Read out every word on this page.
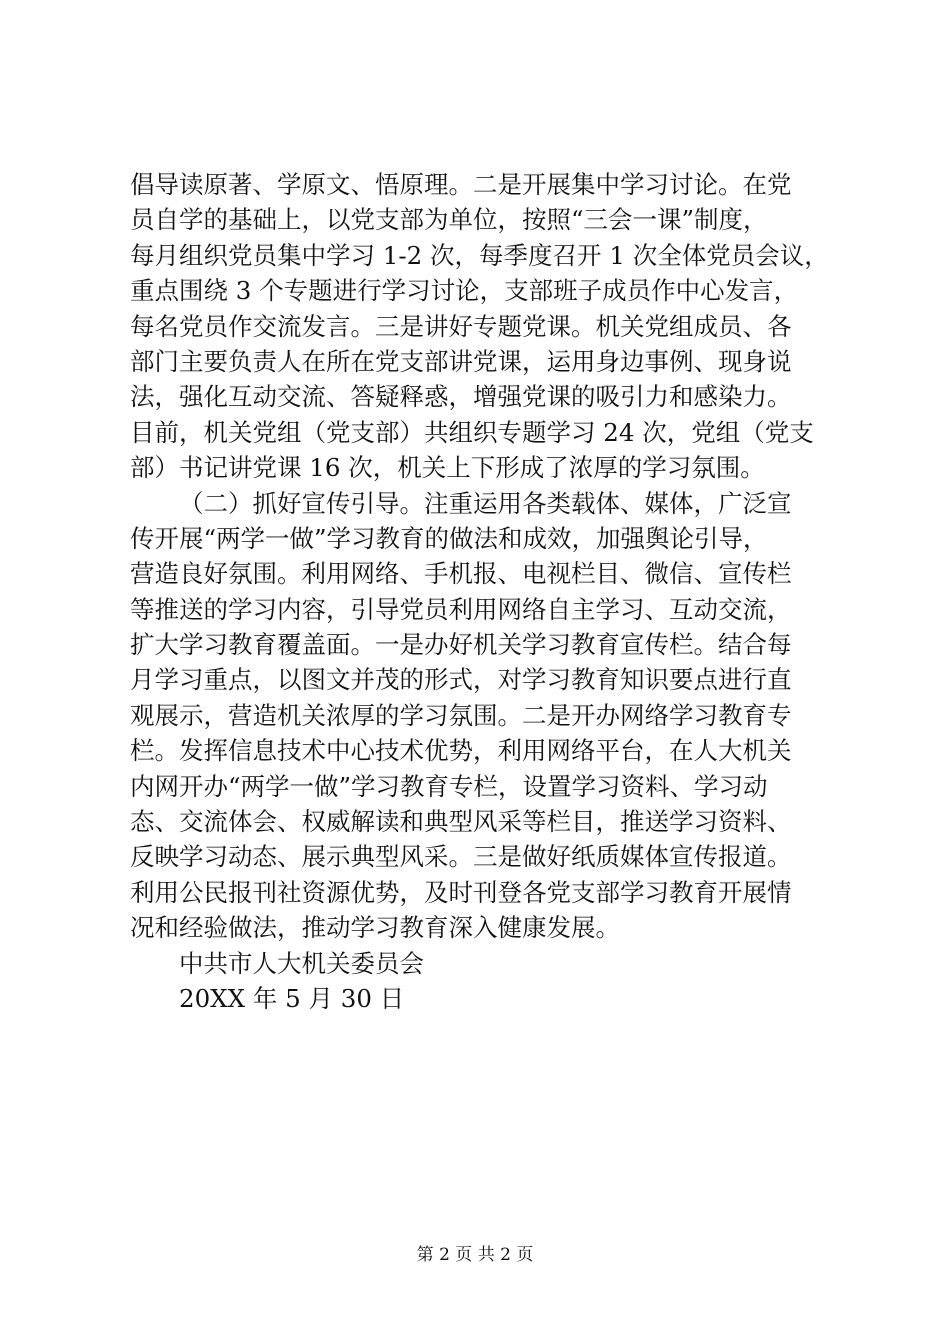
倡导读原著、学原文、悟原理。二是开展集中学习讨论。在党
员自学的基础上，以党支部为单位，按照“三会一课”制度，
每月组织党员集中学习 1-2 次，每季度召开 1 次全体党员会议，
重点围绕 3 个专题进行学习讨论，支部班子成员作中心发言，
每名党员作交流发言。三是讲好专题党课。机关党组成员、各
部门主要负责人在所在党支部讲党课，运用身边事例、现身说
法，强化互动交流、答疑释惑，增强党课的吸引力和感染力。
目前，机关党组（党支部）共组织专题学习 24 次，党组（党支
部）书记讲党课 16 次，机关上下形成了浓厚的学习氛围。
（二）抓好宣传引导。注重运用各类载体、媒体，广泛宣
传开展“两学一做”学习教育的做法和成效，加强舆论引导，
营造良好氛围。利用网络、手机报、电视栏目、微信、宣传栏
等推送的学习内容，引导党员利用网络自主学习、互动交流，
扩大学习教育覆盖面。一是办好机关学习教育宣传栏。结合每
月学习重点，以图文并茂的形式，对学习教育知识要点进行直
观展示，营造机关浓厚的学习氛围。二是开办网络学习教育专
栏。发挥信息技术中心技术优势，利用网络平台，在人大机关
内网开办“两学一做”学习教育专栏，设置学习资料、学习动
态、交流体会、权威解读和典型风采等栏目，推送学习资料、
反映学习动态、展示典型风采。三是做好纸质媒体宣传报道。
利用公民报刊社资源优势，及时刊登各党支部学习教育开展情
况和经验做法，推动学习教育深入健康发展。
中共市人大机关委员会
20XX 年 5 月 30 日
第 2 页 共 2 页
